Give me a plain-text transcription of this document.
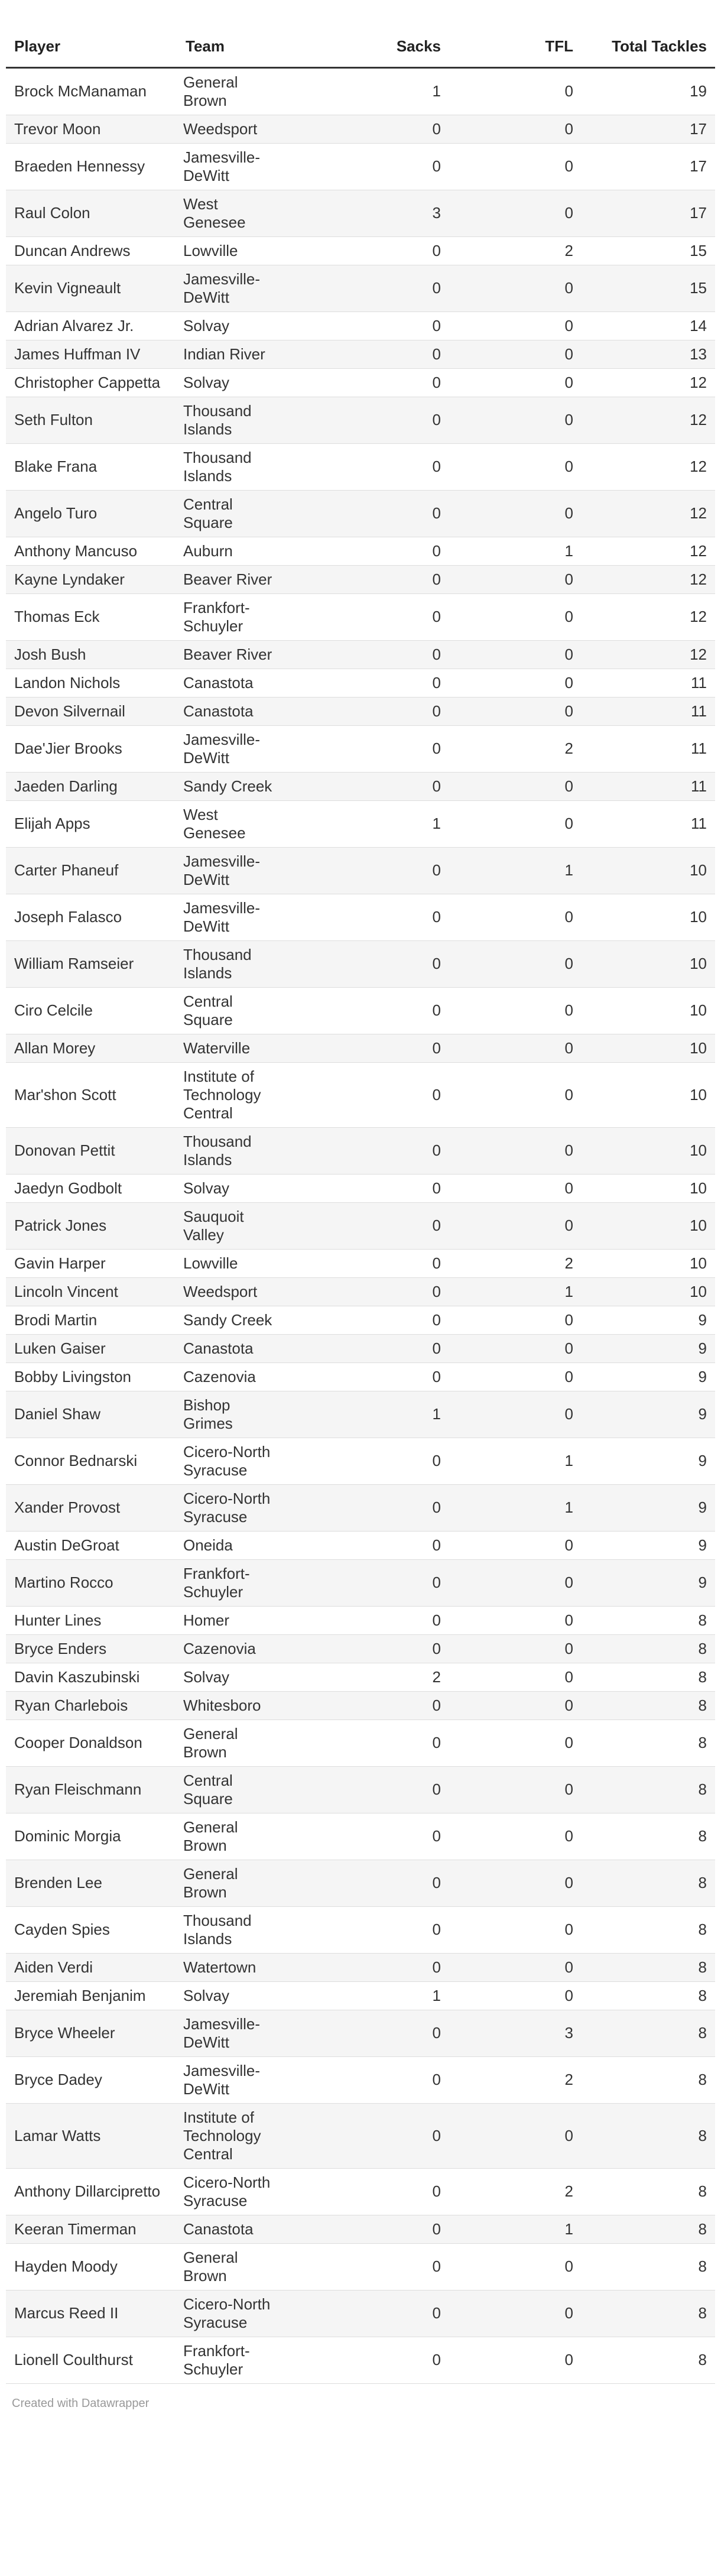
Player	Team	Sacks	TFL	Total Tackles
Brock McManaman	General Brown	1	0	19
Trevor Moon	Weedsport	0	0	17
Braeden Hennessy	Jamesville-DeWitt	0	0	17
Raul Colon	West Genesee	3	0	17
Duncan Andrews	Lowville	0	2	15
Kevin Vigneault	Jamesville-DeWitt	0	0	15
Adrian Alvarez Jr.	Solvay	0	0	14
James Huffman IV	Indian River	0	0	13
Christopher Cappetta	Solvay	0	0	12
Seth Fulton	Thousand Islands	0	0	12
Blake Frana	Thousand Islands	0	0	12
Angelo Turo	Central Square	0	0	12
Anthony Mancuso	Auburn	0	1	12
Kayne Lyndaker	Beaver River	0	0	12
Thomas Eck	Frankfort-Schuyler	0	0	12
Josh Bush	Beaver River	0	0	12
Landon Nichols	Canastota	0	0	11
Devon Silvernail	Canastota	0	0	11
Dae'Jier Brooks	Jamesville-DeWitt	0	2	11
Jaeden Darling	Sandy Creek	0	0	11
Elijah Apps	West Genesee	1	0	11
Carter Phaneuf	Jamesville-DeWitt	0	1	10
Joseph Falasco	Jamesville-DeWitt	0	0	10
William Ramseier	Thousand Islands	0	0	10
Ciro Celcile	Central Square	0	0	10
Allan Morey	Waterville	0	0	10
Mar'shon Scott	Institute of Technology Central	0	0	10
Donovan Pettit	Thousand Islands	0	0	10
Jaedyn Godbolt	Solvay	0	0	10
Patrick Jones	Sauquoit Valley	0	0	10
Gavin Harper	Lowville	0	2	10
Lincoln Vincent	Weedsport	0	1	10
Brodi Martin	Sandy Creek	0	0	9
Luken Gaiser	Canastota	0	0	9
Bobby Livingston	Cazenovia	0	0	9
Daniel Shaw	Bishop Grimes	1	0	9
Connor Bednarski	Cicero-North Syracuse	0	1	9
Xander Provost	Cicero-North Syracuse	0	1	9
Austin DeGroat	Oneida	0	0	9
Martino Rocco	Frankfort-Schuyler	0	0	9
Hunter Lines	Homer	0	0	8
Bryce Enders	Cazenovia	0	0	8
Davin Kaszubinski	Solvay	2	0	8
Ryan Charlebois	Whitesboro	0	0	8
Cooper Donaldson	General Brown	0	0	8
Ryan Fleischmann	Central Square	0	0	8
Dominic Morgia	General Brown	0	0	8
Brenden Lee	General Brown	0	0	8
Cayden Spies	Thousand Islands	0	0	8
Aiden Verdi	Watertown	0	0	8
Jeremiah Benjanim	Solvay	1	0	8
Bryce Wheeler	Jamesville-DeWitt	0	3	8
Bryce Dadey	Jamesville-DeWitt	0	2	8
Lamar Watts	Institute of Technology Central	0	0	8
Anthony Dillarcipretto	Cicero-North Syracuse	0	2	8
Keeran Timerman	Canastota	0	1	8
Hayden Moody	General Brown	0	0	8
Marcus Reed II	Cicero-North Syracuse	0	0	8
Lionell Coulthurst	Frankfort-Schuyler	0	0	8
Created with Datawrapper
